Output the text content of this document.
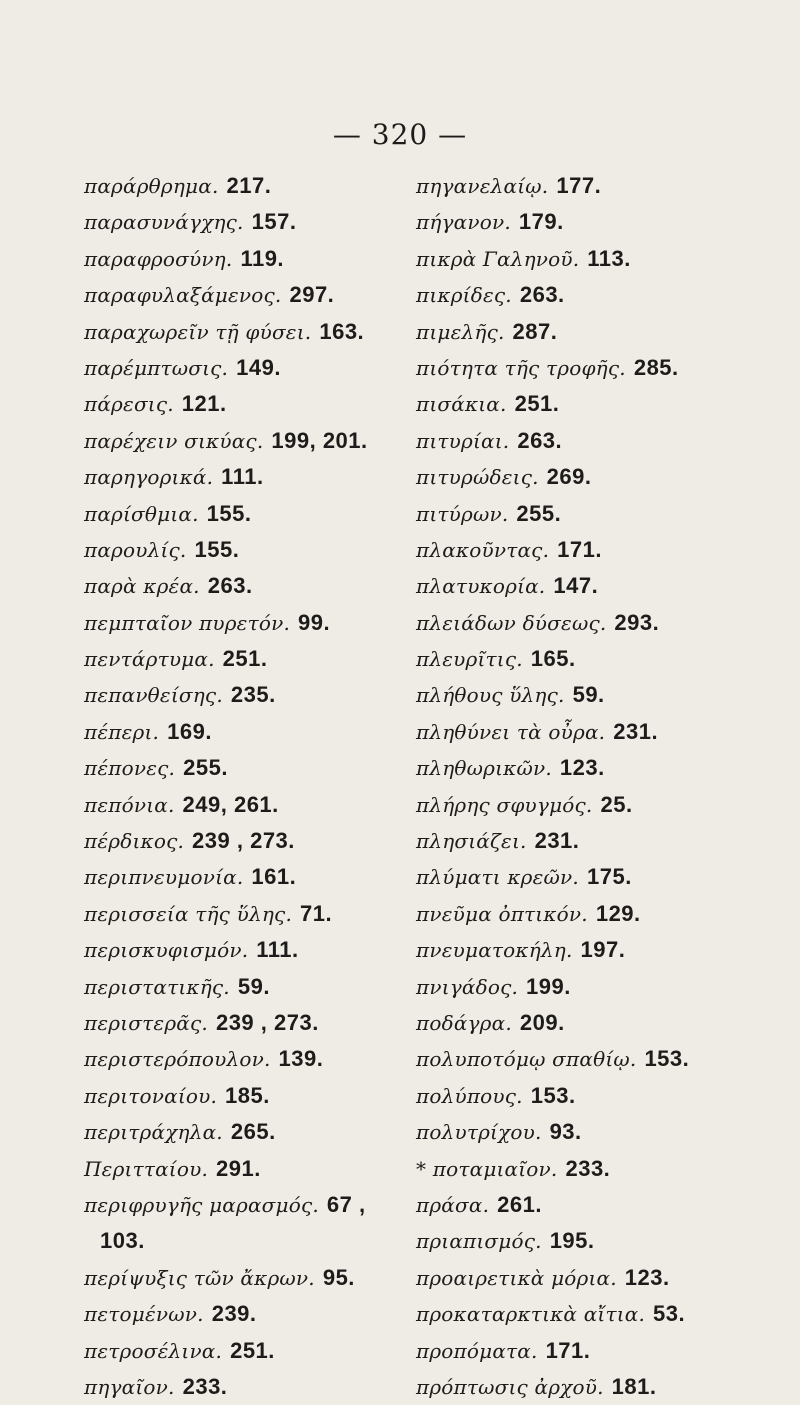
— 320 —
παράρθρημα. 217.
παρασυνάγχης. 157.
παραφροσύνη. 119.
παραφυλαξάμενος. 297.
παραχωρεῖν τῇ φύσει. 163.
παρέμπτωσις. 149.
πάρεσις. 121.
παρέχειν σικύας. 199, 201.
παρηγορικά. 111.
παρίσθμια. 155.
παρουλίς. 155.
παρὰ κρέα. 263.
πεμπταῖον πυρετόν. 99.
πεντάρτυμα. 251.
πεπανθείσης. 235.
πέπερι. 169.
πέπονες. 255.
πεπόνια. 249, 261.
πέρδικος. 239 , 273.
περιπνευμονία. 161.
περισσεία τῆς ὕλης. 71.
περισκυφισμόν. 111.
περιστατικῆς. 59.
περιστερᾶς. 239 , 273.
περιστερόπουλον. 139.
περιτοναίου. 185.
περιτράχηλα. 265.
Περιτταίου. 291.
περιφρυγῆς μαρασμός. 67 ,
103.
περίψυξις τῶν ἄκρων. 95.
πετομένων. 239.
πετροσέλινα. 251.
πηγαῖον. 233.
πηγανελαίῳ. 177.
πήγανον. 179.
πικρὰ Γαληνοῦ. 113.
πικρίδες. 263.
πιμελῆς. 287.
πιότητα τῆς τροφῆς. 285.
πισάκια. 251.
πιτυρίαι. 263.
πιτυρώδεις. 269.
πιτύρων. 255.
πλακοῦντας. 171.
πλατυκορία. 147.
πλειάδων δύσεως. 293.
πλευρῖτις. 165.
πλήθους ὕλης. 59.
πληθύνει τὰ οὖρα. 231.
πληθωρικῶν. 123.
πλήρης σφυγμός. 25.
πλησιάζει. 231.
πλύματι κρεῶν. 175.
πνεῦμα ὀπτικόν. 129.
πνευματοκήλη. 197.
πνιγάδος. 199.
ποδάγρα. 209.
πολυποτόμῳ σπαθίῳ. 153.
πολύπους. 153.
πολυτρίχου. 93.
* ποταμιαῖον. 233.
πράσα. 261.
πριαπισμός. 195.
προαιρετικὰ μόρια. 123.
προκαταρκτικὰ αἴτια. 53.
προπόματα. 171.
πρόπτωσις ἀρχοῦ. 181.
